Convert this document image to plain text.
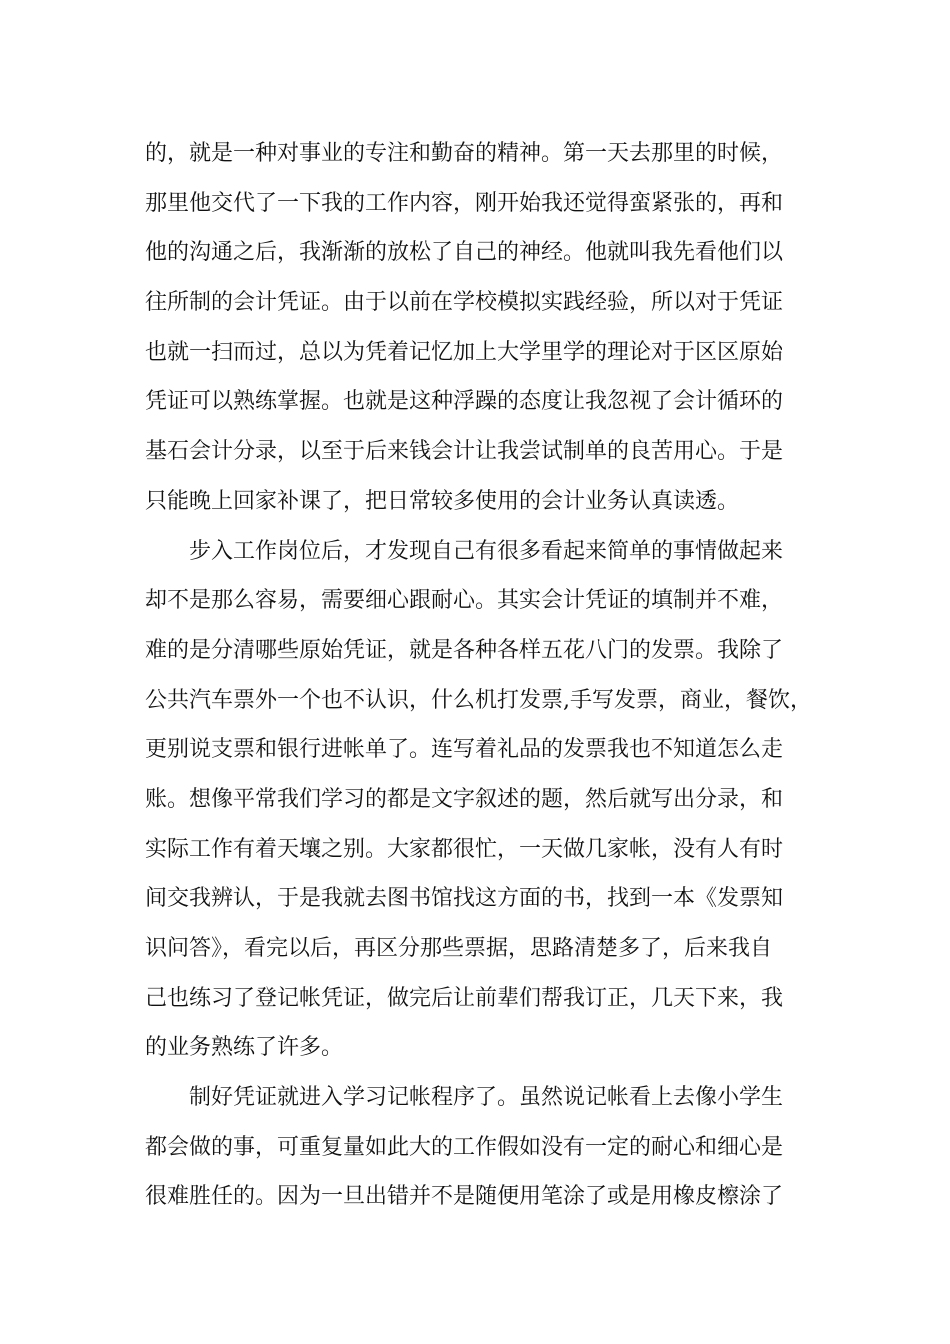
的，就是一种对事业的专注和勤奋的精神。第一天去那里的时候，
那里他交代了一下我的工作内容，刚开始我还觉得蛮紧张的，再和
他的沟通之后，我渐渐的放松了自己的神经。他就叫我先看他们以
往所制的会计凭证。由于以前在学校模拟实践经验，所以对于凭证
也就一扫而过，总以为凭着记忆加上大学里学的理论对于区区原始
凭证可以熟练掌握。也就是这种浮躁的态度让我忽视了会计循环的
基石会计分录，以至于后来钱会计让我尝试制单的良苦用心。于是
只能晚上回家补课了，把日常较多使用的会计业务认真读透。
步入工作岗位后，才发现自己有很多看起来简单的事情做起来
却不是那么容易，需要细心跟耐心。其实会计凭证的填制并不难，
难的是分清哪些原始凭证，就是各种各样五花八门的发票。我除了
公共汽车票外一个也不认识，什么机打发票,手写发票，商业，餐饮，
更别说支票和银行进帐单了。连写着礼品的发票我也不知道怎么走
账。想像平常我们学习的都是文字叙述的题，然后就写出分录，和
实际工作有着天壤之别。大家都很忙，一天做几家帐，没有人有时
间交我辨认，于是我就去图书馆找这方面的书，找到一本《发票知
识问答》，看完以后，再区分那些票据，思路清楚多了，后来我自
己也练习了登记帐凭证，做完后让前辈们帮我订正，几天下来，我
的业务熟练了许多。
制好凭证就进入学习记帐程序了。虽然说记帐看上去像小学生
都会做的事，可重复量如此大的工作假如没有一定的耐心和细心是
很难胜任的。因为一旦出错并不是随便用笔涂了或是用橡皮檫涂了
